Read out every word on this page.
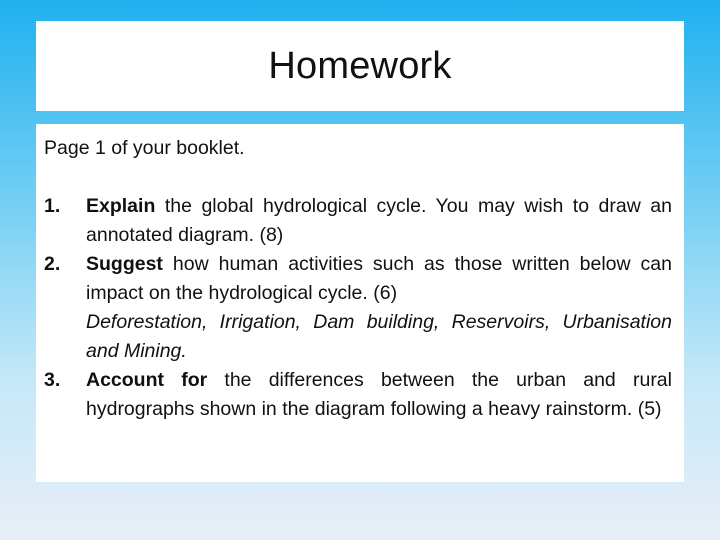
Homework

Page 1 of your booklet.

1. Explain the global hydrological cycle. You may wish to draw an annotated diagram. (8)
2. Suggest how human activities such as those written below can impact on the hydrological cycle. (6)
Deforestation, Irrigation, Dam building, Reservoirs, Urbanisation and Mining.
3. Account for the differences between the urban and rural hydrographs shown in the diagram following a heavy rainstorm. (5)
